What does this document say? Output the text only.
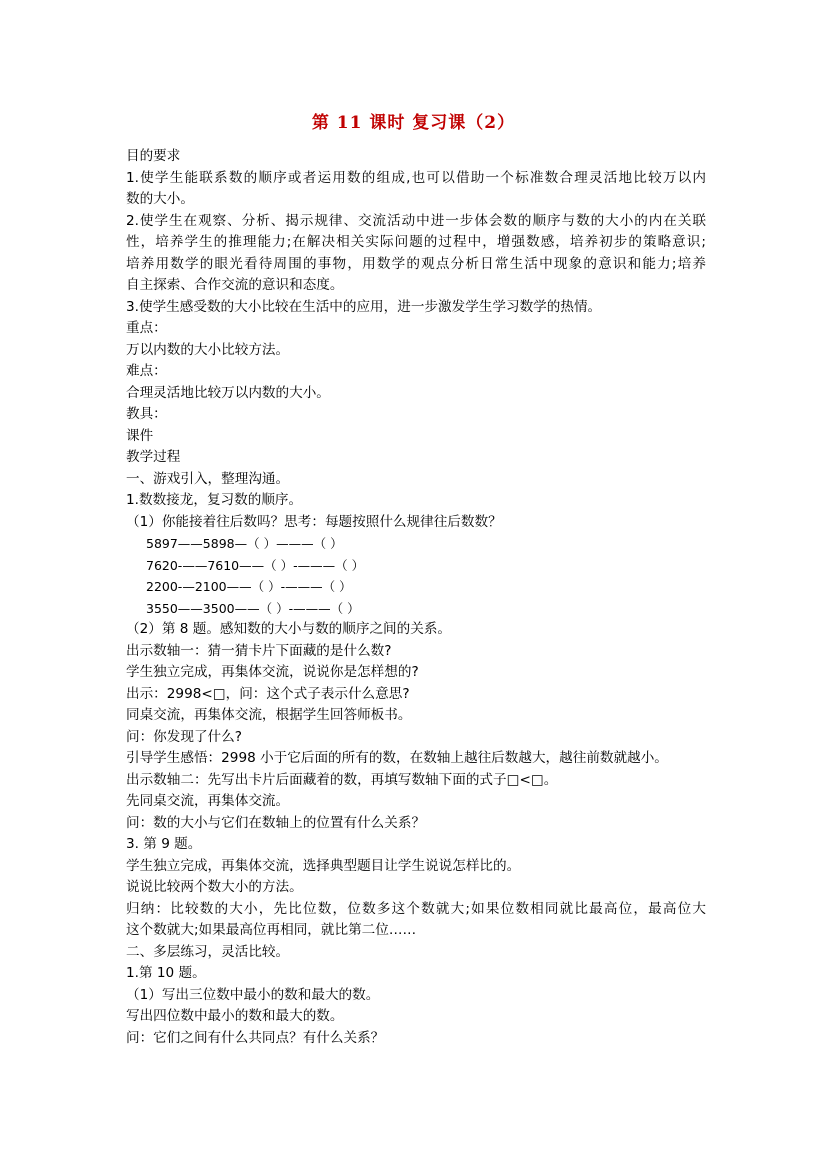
第 11 课时 复习课（2）
目的要求
1.使学生能联系数的顺序或者运用数的组成,也可以借助一个标准数合理灵活地比较万以内
数的大小。
2.使学生在观察、分析、揭示规律、交流活动中进一步体会数的顺序与数的大小的内在关联
性，培养学生的推理能力;在解决相关实际问题的过程中，增强数感，培养初步的策略意识;
培养用数学的眼光看待周围的事物，用数学的观点分析日常生活中现象的意识和能力;培养
自主探索、合作交流的意识和态度。
3.使学生感受数的大小比较在生活中的应用，进一步激发学生学习数学的热情。
重点：
万以内数的大小比较方法。
难点：
合理灵活地比较万以内数的大小。
教具：
课件
教学过程
一、游戏引入，整理沟通。
1.数数接龙，复习数的顺序。
（1）你能接着往后数吗？思考：每题按照什么规律往后数数？
5897——5898—（ ）———（ ）
7620-——7610——（ ）-———（ ）
2200-—2100——（ ）-———（ ）
3550——3500——（ ）-———（ ）
（2）第 8 题。感知数的大小与数的顺序之间的关系。
出示数轴一：猜一猜卡片下面藏的是什么数?
学生独立完成，再集体交流，说说你是怎样想的?
出示：2998<□，问：这个式子表示什么意思?
同桌交流，再集体交流，根据学生回答师板书。
问：你发现了什么?
引导学生感悟：2998 小于它后面的所有的数，在数轴上越往后数越大，越往前数就越小。
出示数轴二：先写出卡片后面藏着的数，再填写数轴下面的式子□<□。
先同桌交流，再集体交流。
问：数的大小与它们在数轴上的位置有什么关系？
3. 第 9 题。
学生独立完成，再集体交流，选择典型题目让学生说说怎样比的。
说说比较两个数大小的方法。
归纳：比较数的大小，先比位数，位数多这个数就大;如果位数相同就比最高位，最高位大
这个数就大;如果最高位再相同，就比第二位……
二、多层练习，灵活比较。
1.第 10 题。
（1）写出三位数中最小的数和最大的数。
写出四位数中最小的数和最大的数。
问：它们之间有什么共同点？有什么关系？
